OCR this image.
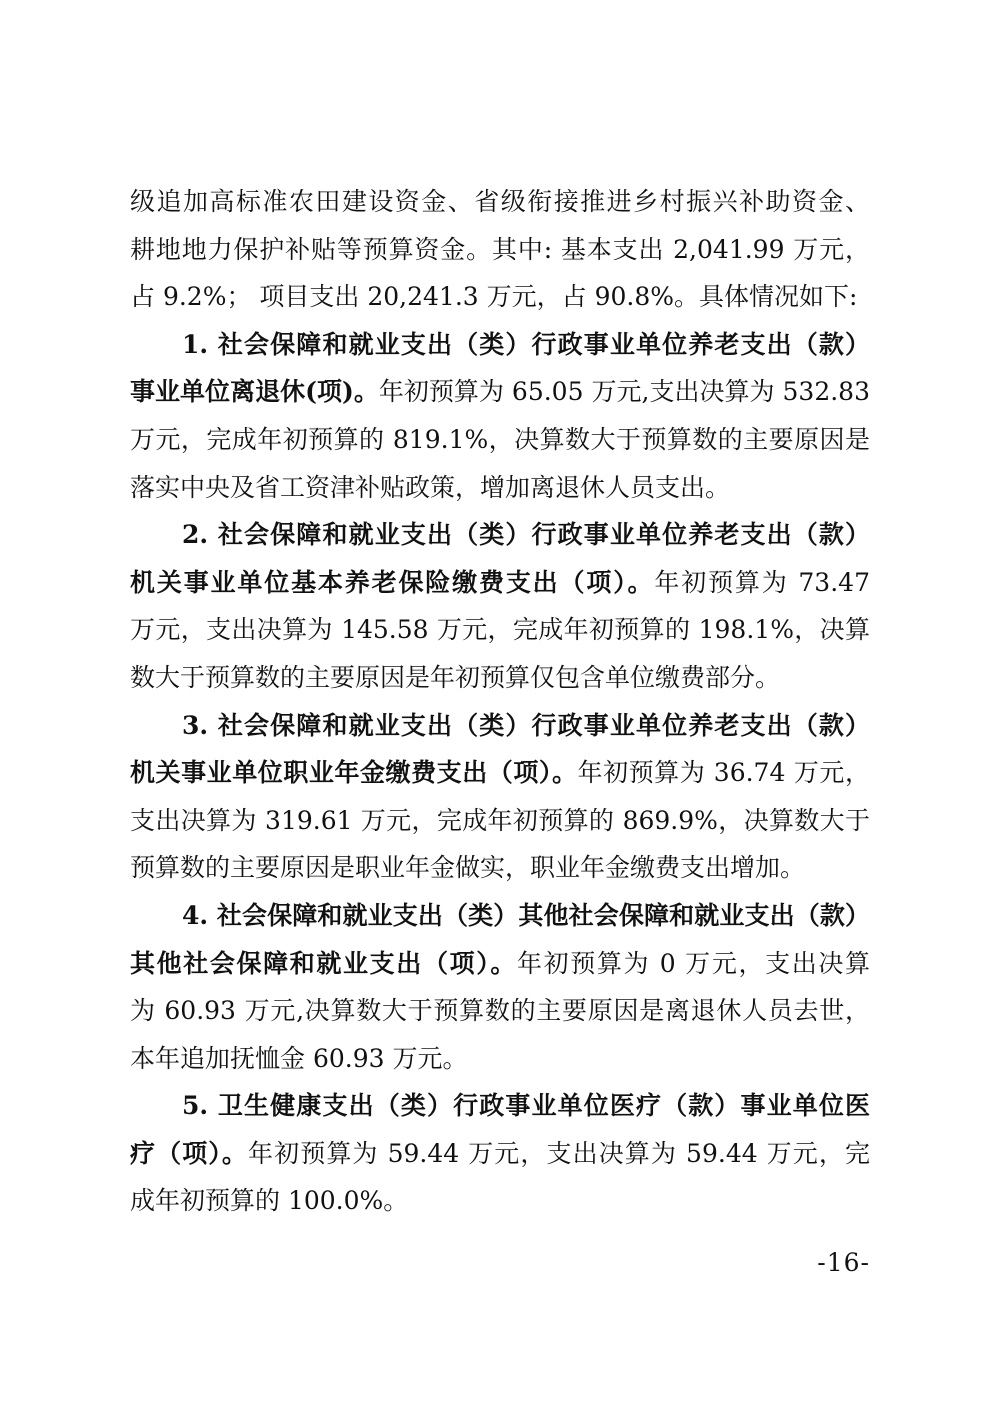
级追加高标准农田建设资金、省级衔接推进乡村振兴补助资金、
耕地地力保护补贴等预算资金。其中: 基本支出 2,041.99 万元，
占 9.2%； 项目支出 20,241.3 万元，占 90.8%。具体情况如下:
1. 社会保障和就业支出（类）行政事业单位养老支出（款）
事业单位离退休(项)。年初预算为 65.05 万元,支出决算为 532.83
万元，完成年初预算的 819.1%，决算数大于预算数的主要原因是
落实中央及省工资津补贴政策，增加离退休人员支出。
2. 社会保障和就业支出（类）行政事业单位养老支出（款）
机关事业单位基本养老保险缴费支出（项）。年初预算为 73.47
万元，支出决算为 145.58 万元，完成年初预算的 198.1%，决算
数大于预算数的主要原因是年初预算仅包含单位缴费部分。
3. 社会保障和就业支出（类）行政事业单位养老支出（款）
机关事业单位职业年金缴费支出（项）。年初预算为 36.74 万元，
支出决算为 319.61 万元，完成年初预算的 869.9%，决算数大于
预算数的主要原因是职业年金做实，职业年金缴费支出增加。
4. 社会保障和就业支出（类）其他社会保障和就业支出（款）
其他社会保障和就业支出（项）。年初预算为 0 万元，支出决算
为 60.93 万元,决算数大于预算数的主要原因是离退休人员去世，
本年追加抚恤金 60.93 万元。
5. 卫生健康支出（类）行政事业单位医疗（款）事业单位医
疗（项）。年初预算为 59.44 万元，支出决算为 59.44 万元，完
成年初预算的 100.0%。
-16-
